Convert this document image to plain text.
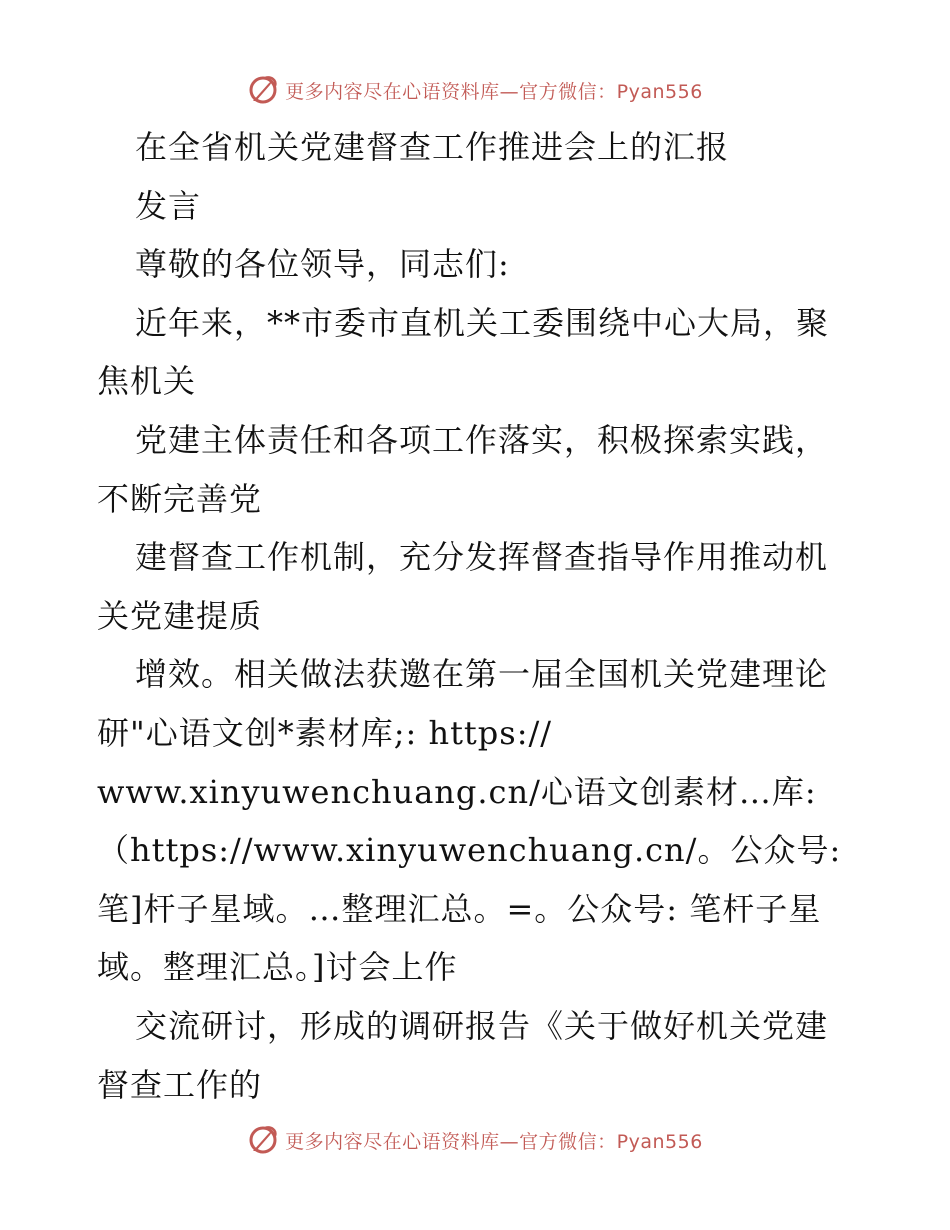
更多内容尽在心语资料库—官方微信：Pyan556
在全省机关党建督查工作推进会上的汇报
发言
尊敬的各位领导，同志们:
近年来，**市委市直机关工委围绕中心大局，聚
焦机关
党建主体责任和各项工作落实，积极探索实践，
不断完善党
建督查工作机制，充分发挥督查指导作用推动机
关党建提质
增效。相关做法获邀在第一届全国机关党建理论
研"心语文创*素材库;: https://
www.xinyuwenchuang.cn/心语文创素材…库:
（https://www.xinyuwenchuang.cn/。公众号:
笔]杆子星域。…整理汇总。=。公众号: 笔杆子星
域。整理汇总。]讨会上作
交流研讨，形成的调研报告《关于做好机关党建
督查工作的
更多内容尽在心语资料库—官方微信：Pyan556
